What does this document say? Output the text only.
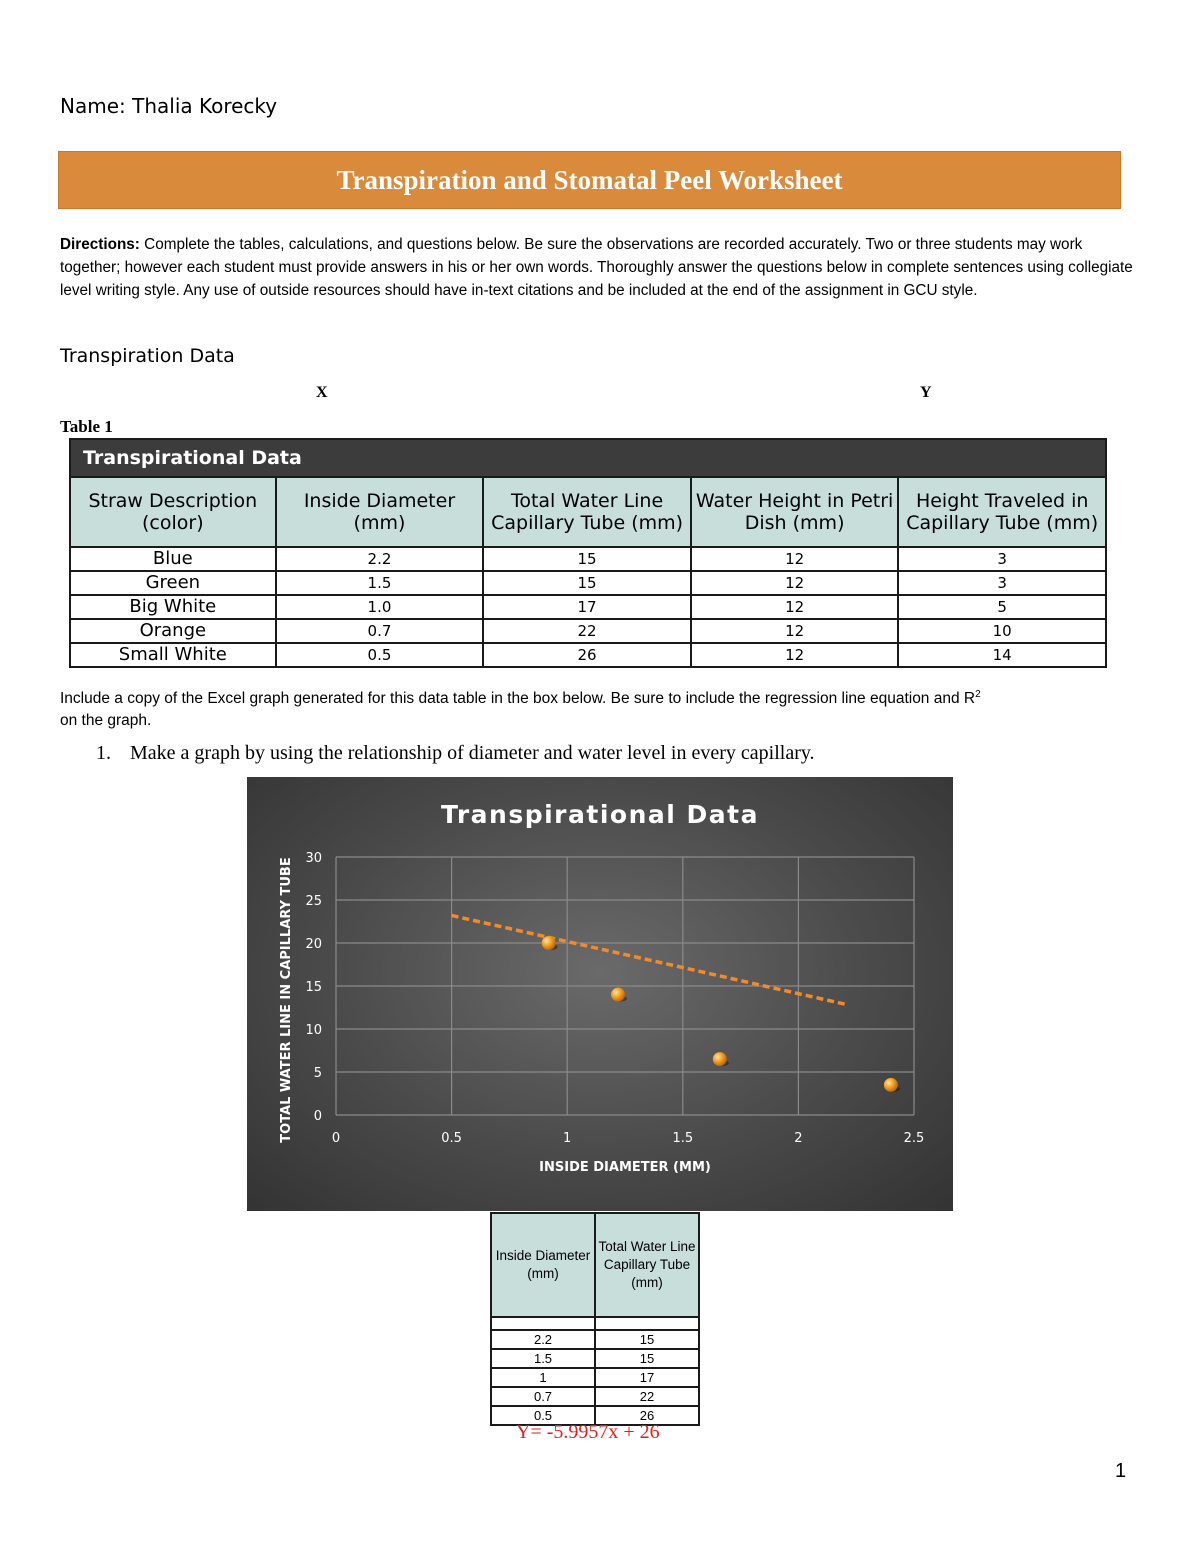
Name: Thalia Korecky
Transpiration and Stomatal Peel Worksheet
Directions: Complete the tables, calculations, and questions below. Be sure the observations are recorded accurately. Two or three students may work together; however each student must provide answers in his or her own words. Thoroughly answer the questions below in complete sentences using collegiate level writing style. Any use of outside resources should have in-text citations and be included at the end of the assignment in GCU style.
Transpiration Data
X	Y
Table 1
Transpirational Data				
Straw Description (color)	Inside Diameter (mm)	Total Water Line Capillary Tube (mm)	Water Height in Petri Dish (mm)	Height Traveled in Capillary Tube (mm)
Blue	2.2	15	12	3
Green	1.5	15	12	3
Big White	1.0	17	12	5
Orange	0.7	22	12	10
Small White	0.5	26	12	14
Include a copy of the Excel graph generated for this data table in the box below. Be sure to include the regression line equation and $R^2$
on the graph.
1. Make a graph by using the relationship of diameter and water level in every capillary.
Transpirational Data
0
5
10
15
20
25
30
0	0.5	1	1.5	2	2.5
INSIDE DIAMETER (MM)
TOTAL WATER LINE IN CAPILLARY TUBE
Inside Diameter (mm)	Total Water Line Capillary Tube (mm)

2.2	15
1.5	15
1	17
0.7	22
0.5	26
Y= -5.9957x + 26
1
